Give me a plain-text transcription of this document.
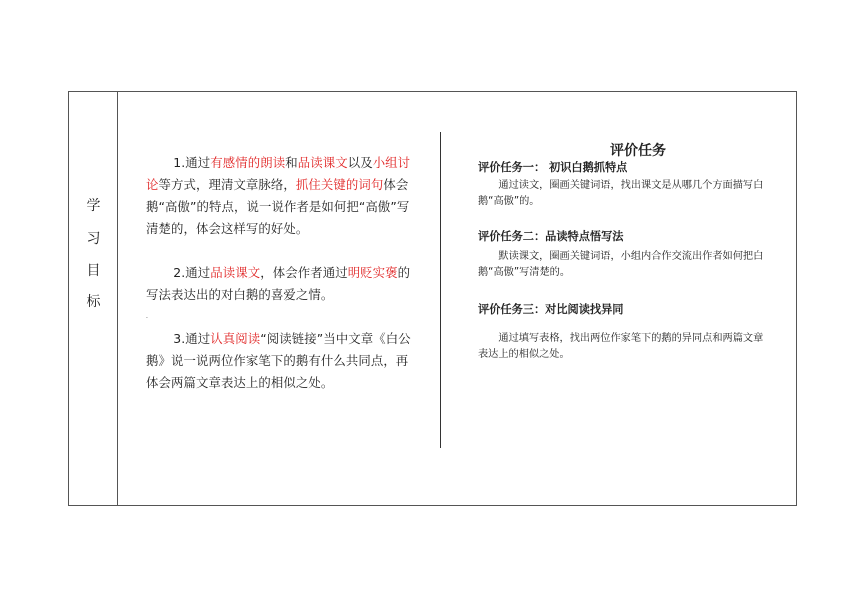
学
习
目
标

1.通过有感情的朗读和品读课文以及小组讨论等方式，理清文章脉络，抓住关键的词句体会鹅“高傲”的特点，说一说作者是如何把“高傲”写清楚的，体会这样写的好处。

2.通过品读课文，体会作者通过明贬实褒的写法表达出的对白鹅的喜爱之情。

.

3.通过认真阅读“阅读链接”当中文章《白公鹅》说一说两位作家笔下的鹅有什么共同点，再体会两篇文章表达上的相似之处。

评价任务
评价任务一： 初识白鹅抓特点

通过读文，圈画关键词语，找出课文是从哪几个方面描写白鹅“高傲”的。

评价任务二：品读特点悟写法

默读课文，圈画关键词语，小组内合作交流出作者如何把白鹅“高傲”写清楚的。

评价任务三：对比阅读找异同

通过填写表格，找出两位作家笔下的鹅的异同点和两篇文章表达上的相似之处。
